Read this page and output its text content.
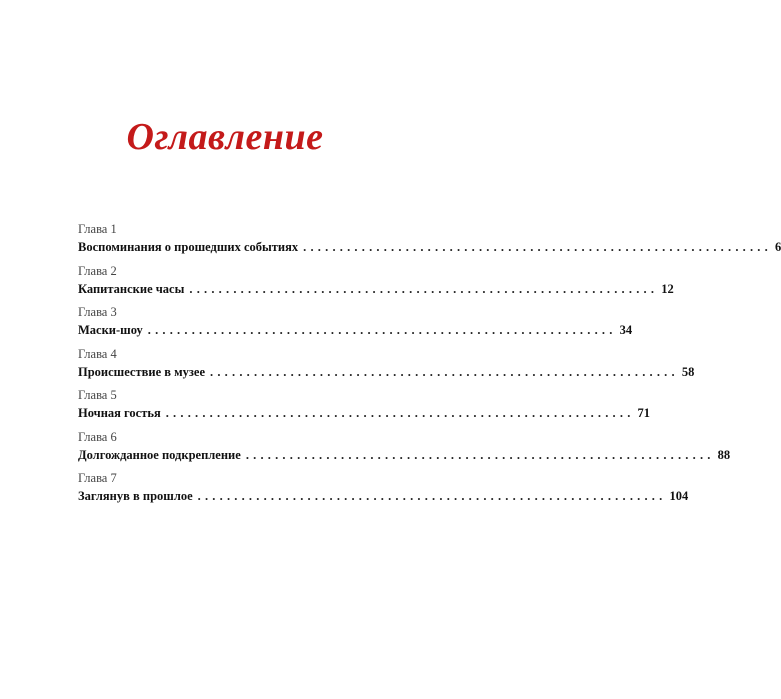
Оглавление
Глава 1
Воспоминания о прошедших событиях ................................................................ 6
Глава 2
Капитанские часы ................................................................ 12
Глава 3
Маски-шоу ................................................................ 34
Глава 4
Происшествие в музее ................................................................ 58
Глава 5
Ночная гостья ................................................................ 71
Глава 6
Долгожданное подкрепление ................................................................ 88
Глава 7
Заглянув в прошлое ................................................................ 104
